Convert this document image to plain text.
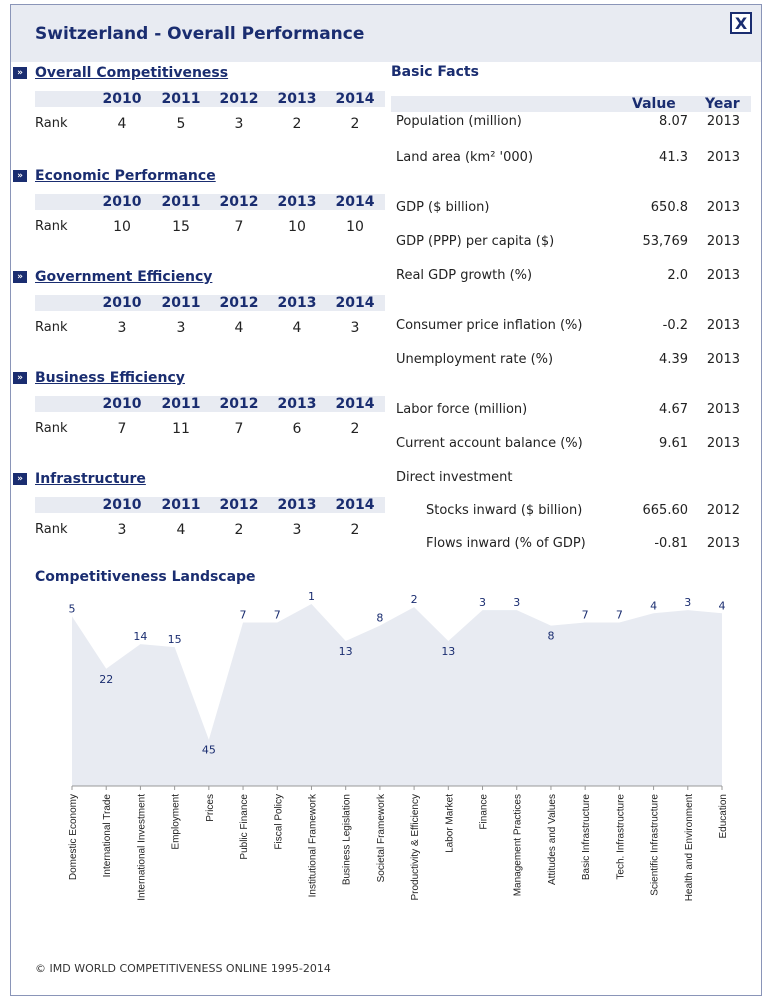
Switzerland - Overall Performance
X
» Overall Competitiveness
2010	2011	2012	2013	2014
Rank	4	5	3	2	2
» Economic Performance
2010	2011	2012	2013	2014
Rank	10	15	7	10	10
» Government Efficiency
2010	2011	2012	2013	2014
Rank	3	3	4	4	3
» Business Efficiency
2010	2011	2012	2013	2014
Rank	7	11	7	6	2
» Infrastructure
2010	2011	2012	2013	2014
Rank	3	4	2	3	2
Basic Facts
Value Year
Population (million)	8.07 2013
Land area (km² '000)	41.3 2013
GDP ($ billion)	650.8 2013
GDP (PPP) per capita ($)	53,769 2013
Real GDP growth (%)	2.0 2013
Consumer price inflation (%)	-0.2 2013
Unemployment rate (%)	4.39 2013
Labor force (million)	4.67 2013
Current account balance (%)	9.61 2013
Direct investment
Stocks inward ($ billion)	665.60 2012
Flows inward (% of GDP)	-0.81 2013
Competitiveness Landscape
5
Domestic Economy
22
International Trade
14
International Investment
15
Employment
45
Prices
7
Public Finance
7
Fiscal Policy
1
Institutional Framework
13
Business Legislation
8
Societal Framework
2
Productivity & Efficiency
13
Labor Market
3
Finance
3
Management Practices
8
Attitudes and Values
7
Basic Infrastructure
7
Tech. Infrastructure
4
Scientific Infrastructure
3
Health and Environment
4
Education
© IMD WORLD COMPETITIVENESS ONLINE 1995-2014
